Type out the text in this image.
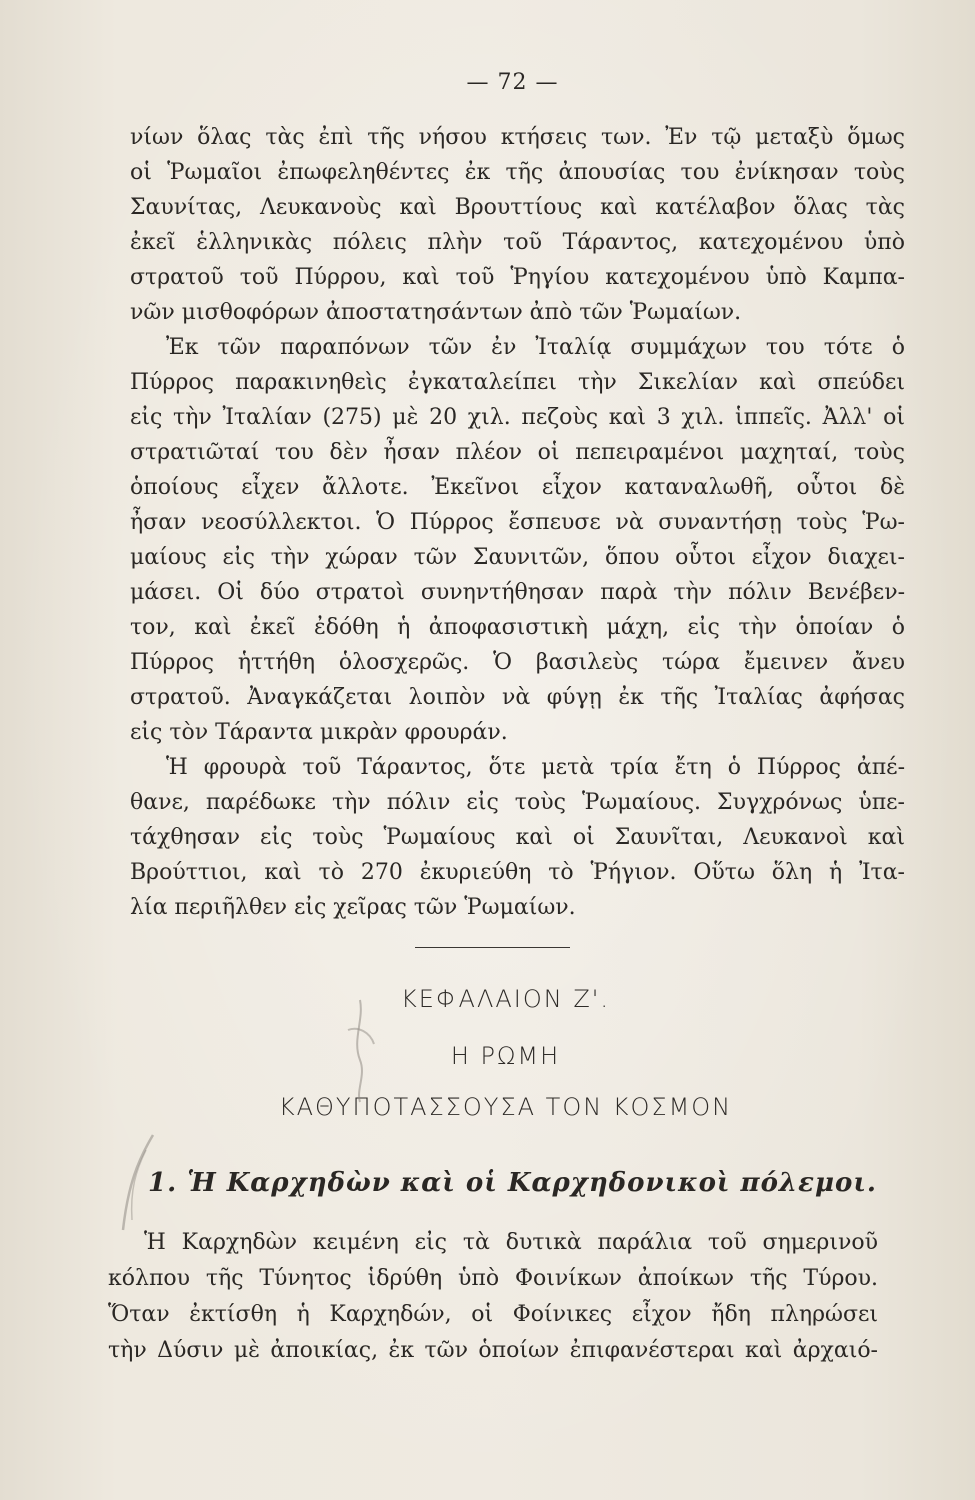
— 72 —
νίων ὅλας τὰς ἐπὶ τῆς νήσου κτήσεις των. Ἐν τῷ μεταξὺ ὅμως
οἱ Ῥωμαῖοι ἐπωφεληθέντες ἐκ τῆς ἀπουσίας του ἐνίκησαν τοὺς
Σαυνίτας, Λευκανοὺς καὶ Βρουττίους καὶ κατέλαβον ὅλας τὰς
ἐκεῖ ἑλληνικὰς πόλεις πλὴν τοῦ Τάραντος, κατεχομένου ὑπὸ
στρατοῦ τοῦ Πύρρου, καὶ τοῦ Ῥηγίου κατεχομένου ὑπὸ Καμπα-
νῶν μισθοφόρων ἀποστατησάντων ἀπὸ τῶν Ῥωμαίων.
Ἐκ τῶν παραπόνων τῶν ἐν Ἰταλίᾳ συμμάχων του τότε ὁ
Πύρρος παρακινηθεὶς ἐγκαταλείπει τὴν Σικελίαν καὶ σπεύδει
εἰς τὴν Ἰταλίαν (275) μὲ 20 χιλ. πεζοὺς καὶ 3 χιλ. ἱππεῖς. Ἀλλ' οἱ
στρατιῶταί του δὲν ἦσαν πλέον οἱ πεπειραμένοι μαχηταί, τοὺς
ὁποίους εἶχεν ἄλλοτε. Ἐκεῖνοι εἶχον καταναλωθῆ, οὗτοι δὲ
ἦσαν νεοσύλλεκτοι. Ὁ Πύρρος ἔσπευσε νὰ συναντήσῃ τοὺς Ῥω-
μαίους εἰς τὴν χώραν τῶν Σαυνιτῶν, ὅπου οὗτοι εἶχον διαχει-
μάσει. Οἱ δύο στρατοὶ συνηντήθησαν παρὰ τὴν πόλιν Βενέβεν-
τον, καὶ ἐκεῖ ἐδόθη ἡ ἀποφασιστικὴ μάχη, εἰς τὴν ὁποίαν ὁ
Πύρρος ἡττήθη ὁλοσχερῶς. Ὁ βασιλεὺς τώρα ἔμεινεν ἄνευ
στρατοῦ. Ἀναγκάζεται λοιπὸν νὰ φύγῃ ἐκ τῆς Ἰταλίας ἀφήσας
εἰς τὸν Τάραντα μικρὰν φρουράν.
Ἡ φρουρὰ τοῦ Τάραντος, ὅτε μετὰ τρία ἔτη ὁ Πύρρος ἀπέ-
θανε, παρέδωκε τὴν πόλιν εἰς τοὺς Ῥωμαίους. Συγχρόνως ὑπε-
τάχθησαν εἰς τοὺς Ῥωμαίους καὶ οἱ Σαυνῖται, Λευκανοὶ καὶ
Βρούττιοι, καὶ τὸ 270 ἐκυριεύθη τὸ Ῥήγιον. Οὕτω ὅλη ἡ Ἰτα-
λία περιῆλθεν εἰς χεῖρας τῶν Ῥωμαίων.
ΚΕΦΑΛΑΙΟΝ Ζ'.
Η ΡΩΜΗ
ΚΑΘΥΠΟΤΑΣΣΟΥΣΑ ΤΟΝ ΚΟΣΜΟΝ
1. Ἡ Καρχηδὼν καὶ οἱ Καρχηδονικοὶ πόλεμοι.
Ἡ Καρχηδὼν κειμένη εἰς τὰ δυτικὰ παράλια τοῦ σημερινοῦ
κόλπου τῆς Τύνητος ἱδρύθη ὑπὸ Φοινίκων ἀποίκων τῆς Τύρου.
Ὅταν ἐκτίσθη ἡ Καρχηδών, οἱ Φοίνικες εἶχον ἤδη πληρώσει
τὴν Δύσιν μὲ ἀποικίας, ἐκ τῶν ὁποίων ἐπιφανέστεραι καὶ ἀρχαιό-
